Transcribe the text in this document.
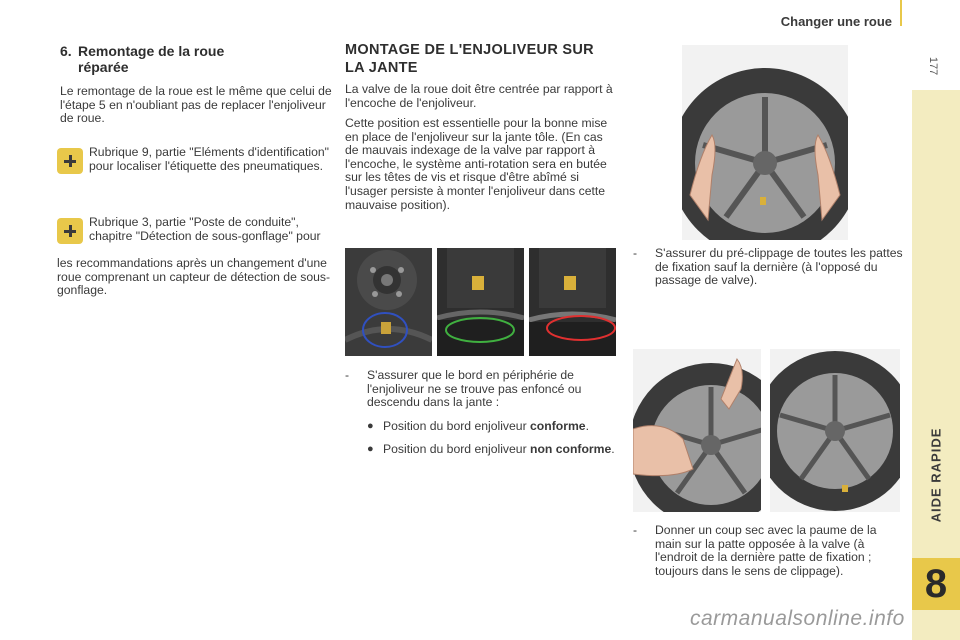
Changer une roue
177
AIDE RAPIDE
8
6. Remontage de la roue
réparée
Le remontage de la roue est le même que celui de l'étape 5 en n'oubliant pas de replacer l'enjoliveur de roue.
Rubrique 9, partie "Eléments d'identification" pour localiser l'étiquette des pneumatiques.
Rubrique 3, partie "Poste de conduite", chapitre "Détection de sous-gonflage" pour
les recommandations après un changement d'une roue comprenant un capteur de détection de sous-gonflage.
MONTAGE DE L'ENJOLIVEUR SUR LA JANTE
La valve de la roue doit être centrée par rapport à l'encoche de l'enjoliveur.
Cette position est essentielle pour la bonne mise en place de l'enjoliveur sur la jante tôle. (En cas de mauvais indexage de la valve par rapport à l'encoche, le système anti-rotation sera en butée sur les têtes de vis et risque d'être abîmé si l'usager persiste à monter l'enjoliveur dans cette mauvaise position).
-	S'assurer que le bord en périphérie de l'enjoliveur ne se trouve pas enfoncé ou descendu dans la jante :
● Position du bord enjoliveur conforme.
● Position du bord enjoliveur non conforme.
-	S'assurer du pré-clippage de toutes les pattes de fixation sauf la dernière (à l'opposé du passage de valve).
-	Donner un coup sec avec la paume de la main sur la patte opposée à la valve (à l'endroit de la dernière patte de fixation ; toujours dans le sens de clippage).
carmanualsonline.info
